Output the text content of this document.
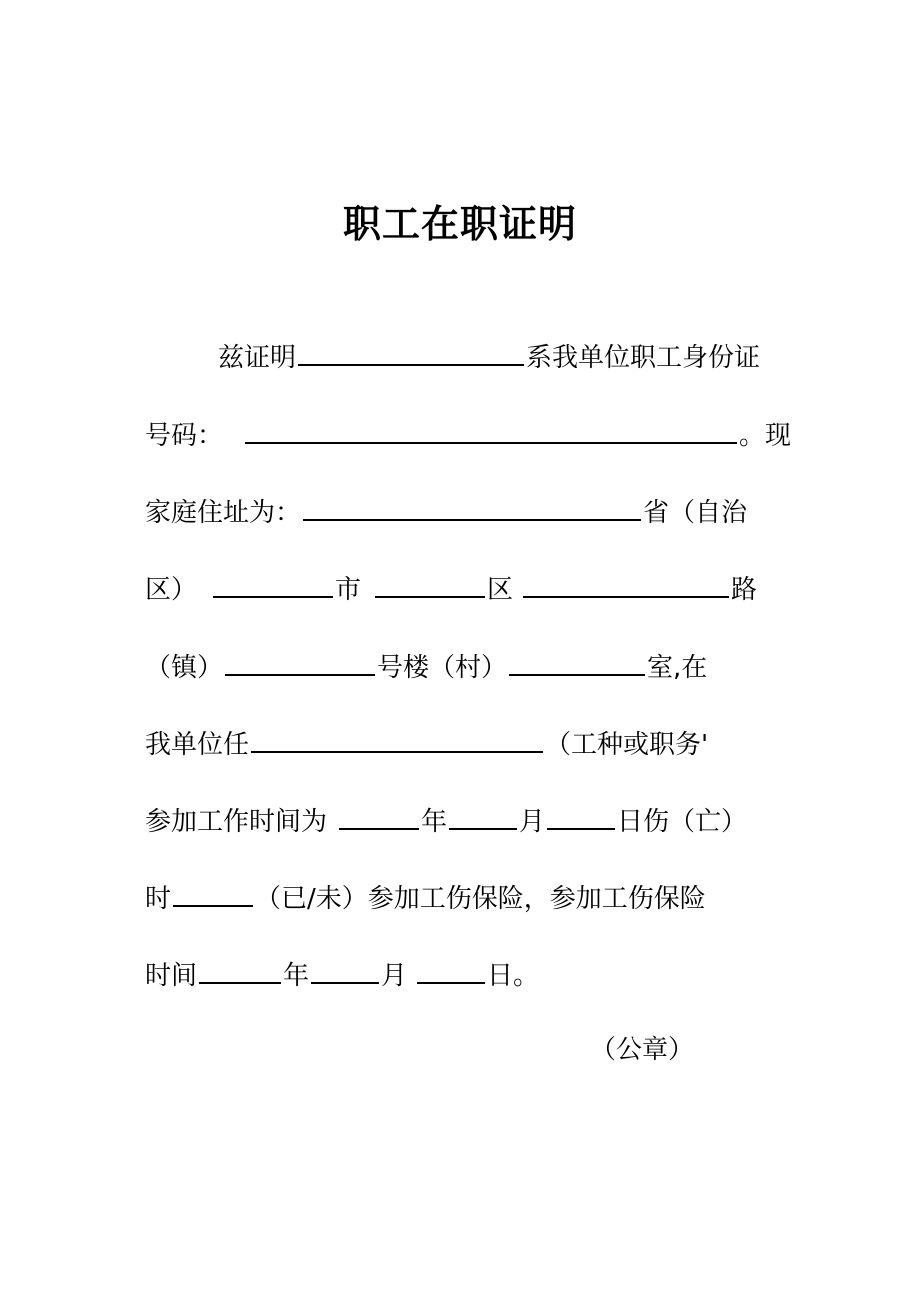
职工在职证明
兹证明	系我单位职工身份证
号码：	。现
家庭住址为：	省（自治
区）	市	区	路
（镇）	号楼（村）	室,在
我单位任	（工种或职务'
参加工作时间为	年	月	日伤（亡）
时	（已/未）参加工伤保险，参加工伤保险
时间	年	月	日。
（公章）
